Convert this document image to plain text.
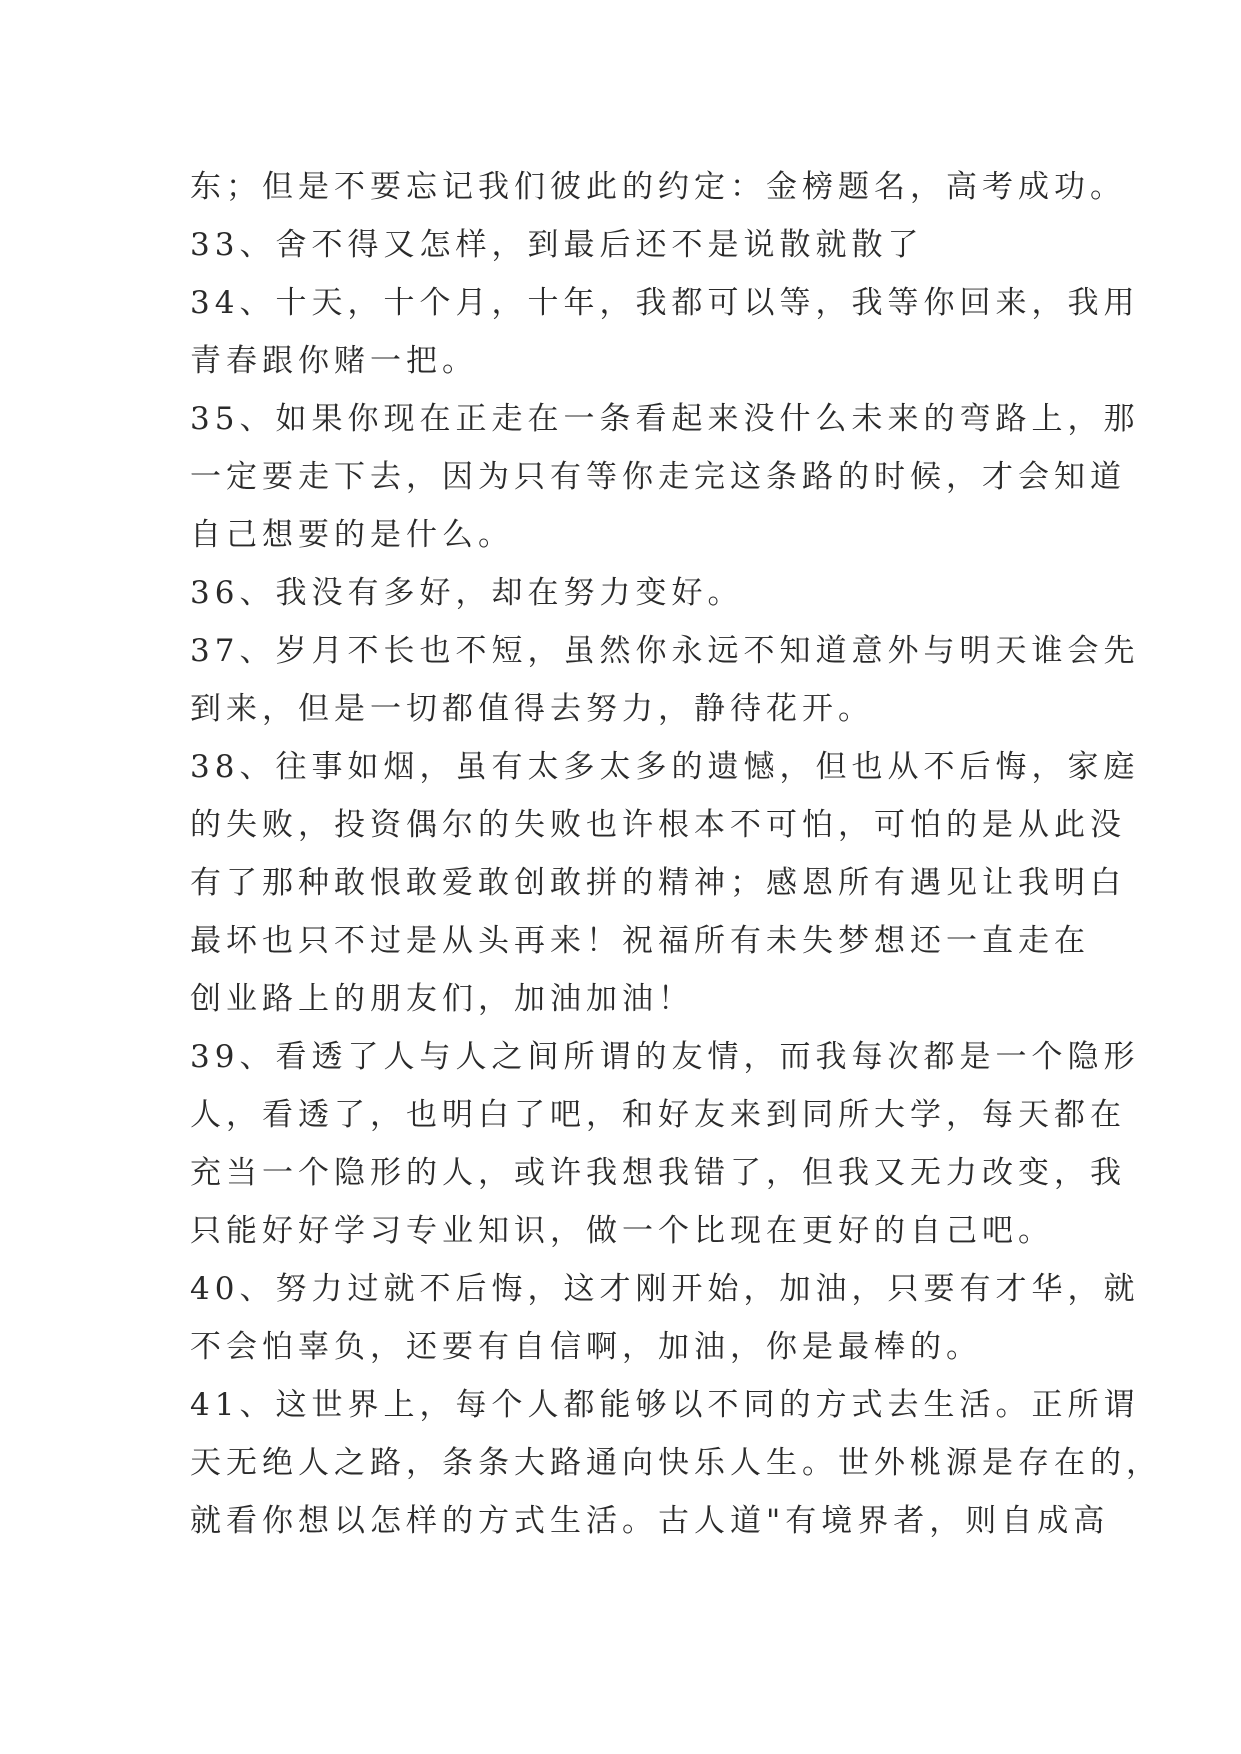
东；但是不要忘记我们彼此的约定：金榜题名，高考成功。
33、舍不得又怎样，到最后还不是说散就散了
34、十天，十个月，十年，我都可以等，我等你回来，我用
青春跟你赌一把。
35、如果你现在正走在一条看起来没什么未来的弯路上，那
一定要走下去，因为只有等你走完这条路的时候，才会知道
自己想要的是什么。
36、我没有多好，却在努力变好。
37、岁月不长也不短，虽然你永远不知道意外与明天谁会先
到来，但是一切都值得去努力，静待花开。
38、往事如烟，虽有太多太多的遗憾，但也从不后悔，家庭
的失败，投资偶尔的失败也许根本不可怕，可怕的是从此没
有了那种敢恨敢爱敢创敢拼的精神；感恩所有遇见让我明白
最坏也只不过是从头再来！祝福所有未失梦想还一直走在
创业路上的朋友们，加油加油！
39、看透了人与人之间所谓的友情，而我每次都是一个隐形
人，看透了，也明白了吧，和好友来到同所大学，每天都在
充当一个隐形的人，或许我想我错了，但我又无力改变，我
只能好好学习专业知识，做一个比现在更好的自己吧。
40、努力过就不后悔，这才刚开始，加油，只要有才华，就
不会怕辜负，还要有自信啊，加油，你是最棒的。
41、这世界上，每个人都能够以不同的方式去生活。正所谓
天无绝人之路，条条大路通向快乐人生。世外桃源是存在的，
就看你想以怎样的方式生活。古人道"有境界者，则自成高
